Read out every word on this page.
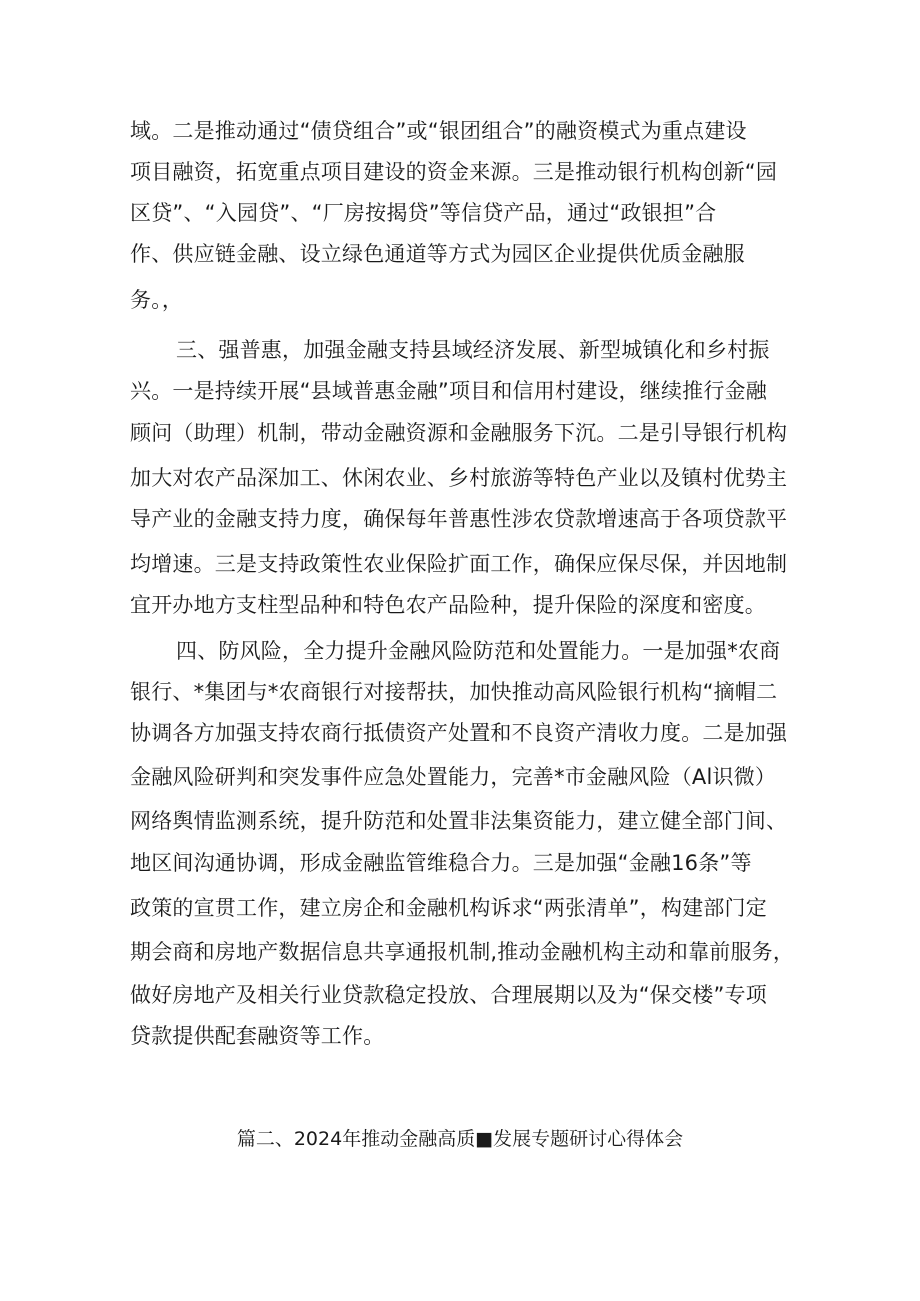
域。二是推动通过“债贷组合”或“银团组合”的融资模式为重点建设
项目融资，拓宽重点项目建设的资金来源。三是推动银行机构创新“园
区贷”、“入园贷”、“厂房按揭贷”等信贷产品，通过“政银担”合
作、供应链金融、设立绿色通道等方式为园区企业提供优质金融服
务。，
三、强普惠，加强金融支持县域经济发展、新型城镇化和乡村振
兴。一是持续开展“县域普惠金融”项目和信用村建设，继续推行金融
顾问（助理）机制，带动金融资源和金融服务下沉。二是引导银行机构
加大对农产品深加工、休闲农业、乡村旅游等特色产业以及镇村优势主
导产业的金融支持力度，确保每年普惠性涉农贷款增速高于各项贷款平
均增速。三是支持政策性农业保险扩面工作，确保应保尽保，并因地制
宜开办地方支柱型品种和特色农产品险种，提升保险的深度和密度。
四、防风险，全力提升金融风险防范和处置能力。一是加强*农商
银行、*集团与*农商银行对接帮扶，加快推动高风险银行机构“摘帽二
协调各方加强支持农商行抵债资产处置和不良资产清收力度。二是加强
金融风险研判和突发事件应急处置能力，完善*市金融风险（Al识微）
网络舆情监测系统，提升防范和处置非法集资能力，建立健全部门间、
地区间沟通协调，形成金融监管维稳合力。三是加强“金融16条”等
政策的宣贯工作，建立房企和金融机构诉求“两张清单”，构建部门定
期会商和房地产数据信息共享通报机制,推动金融机构主动和靠前服务，
做好房地产及相关行业贷款稳定投放、合理展期以及为“保交楼”专项
贷款提供配套融资等工作。
篇二、2024年推动金融高质■发展专题研讨心得体会
